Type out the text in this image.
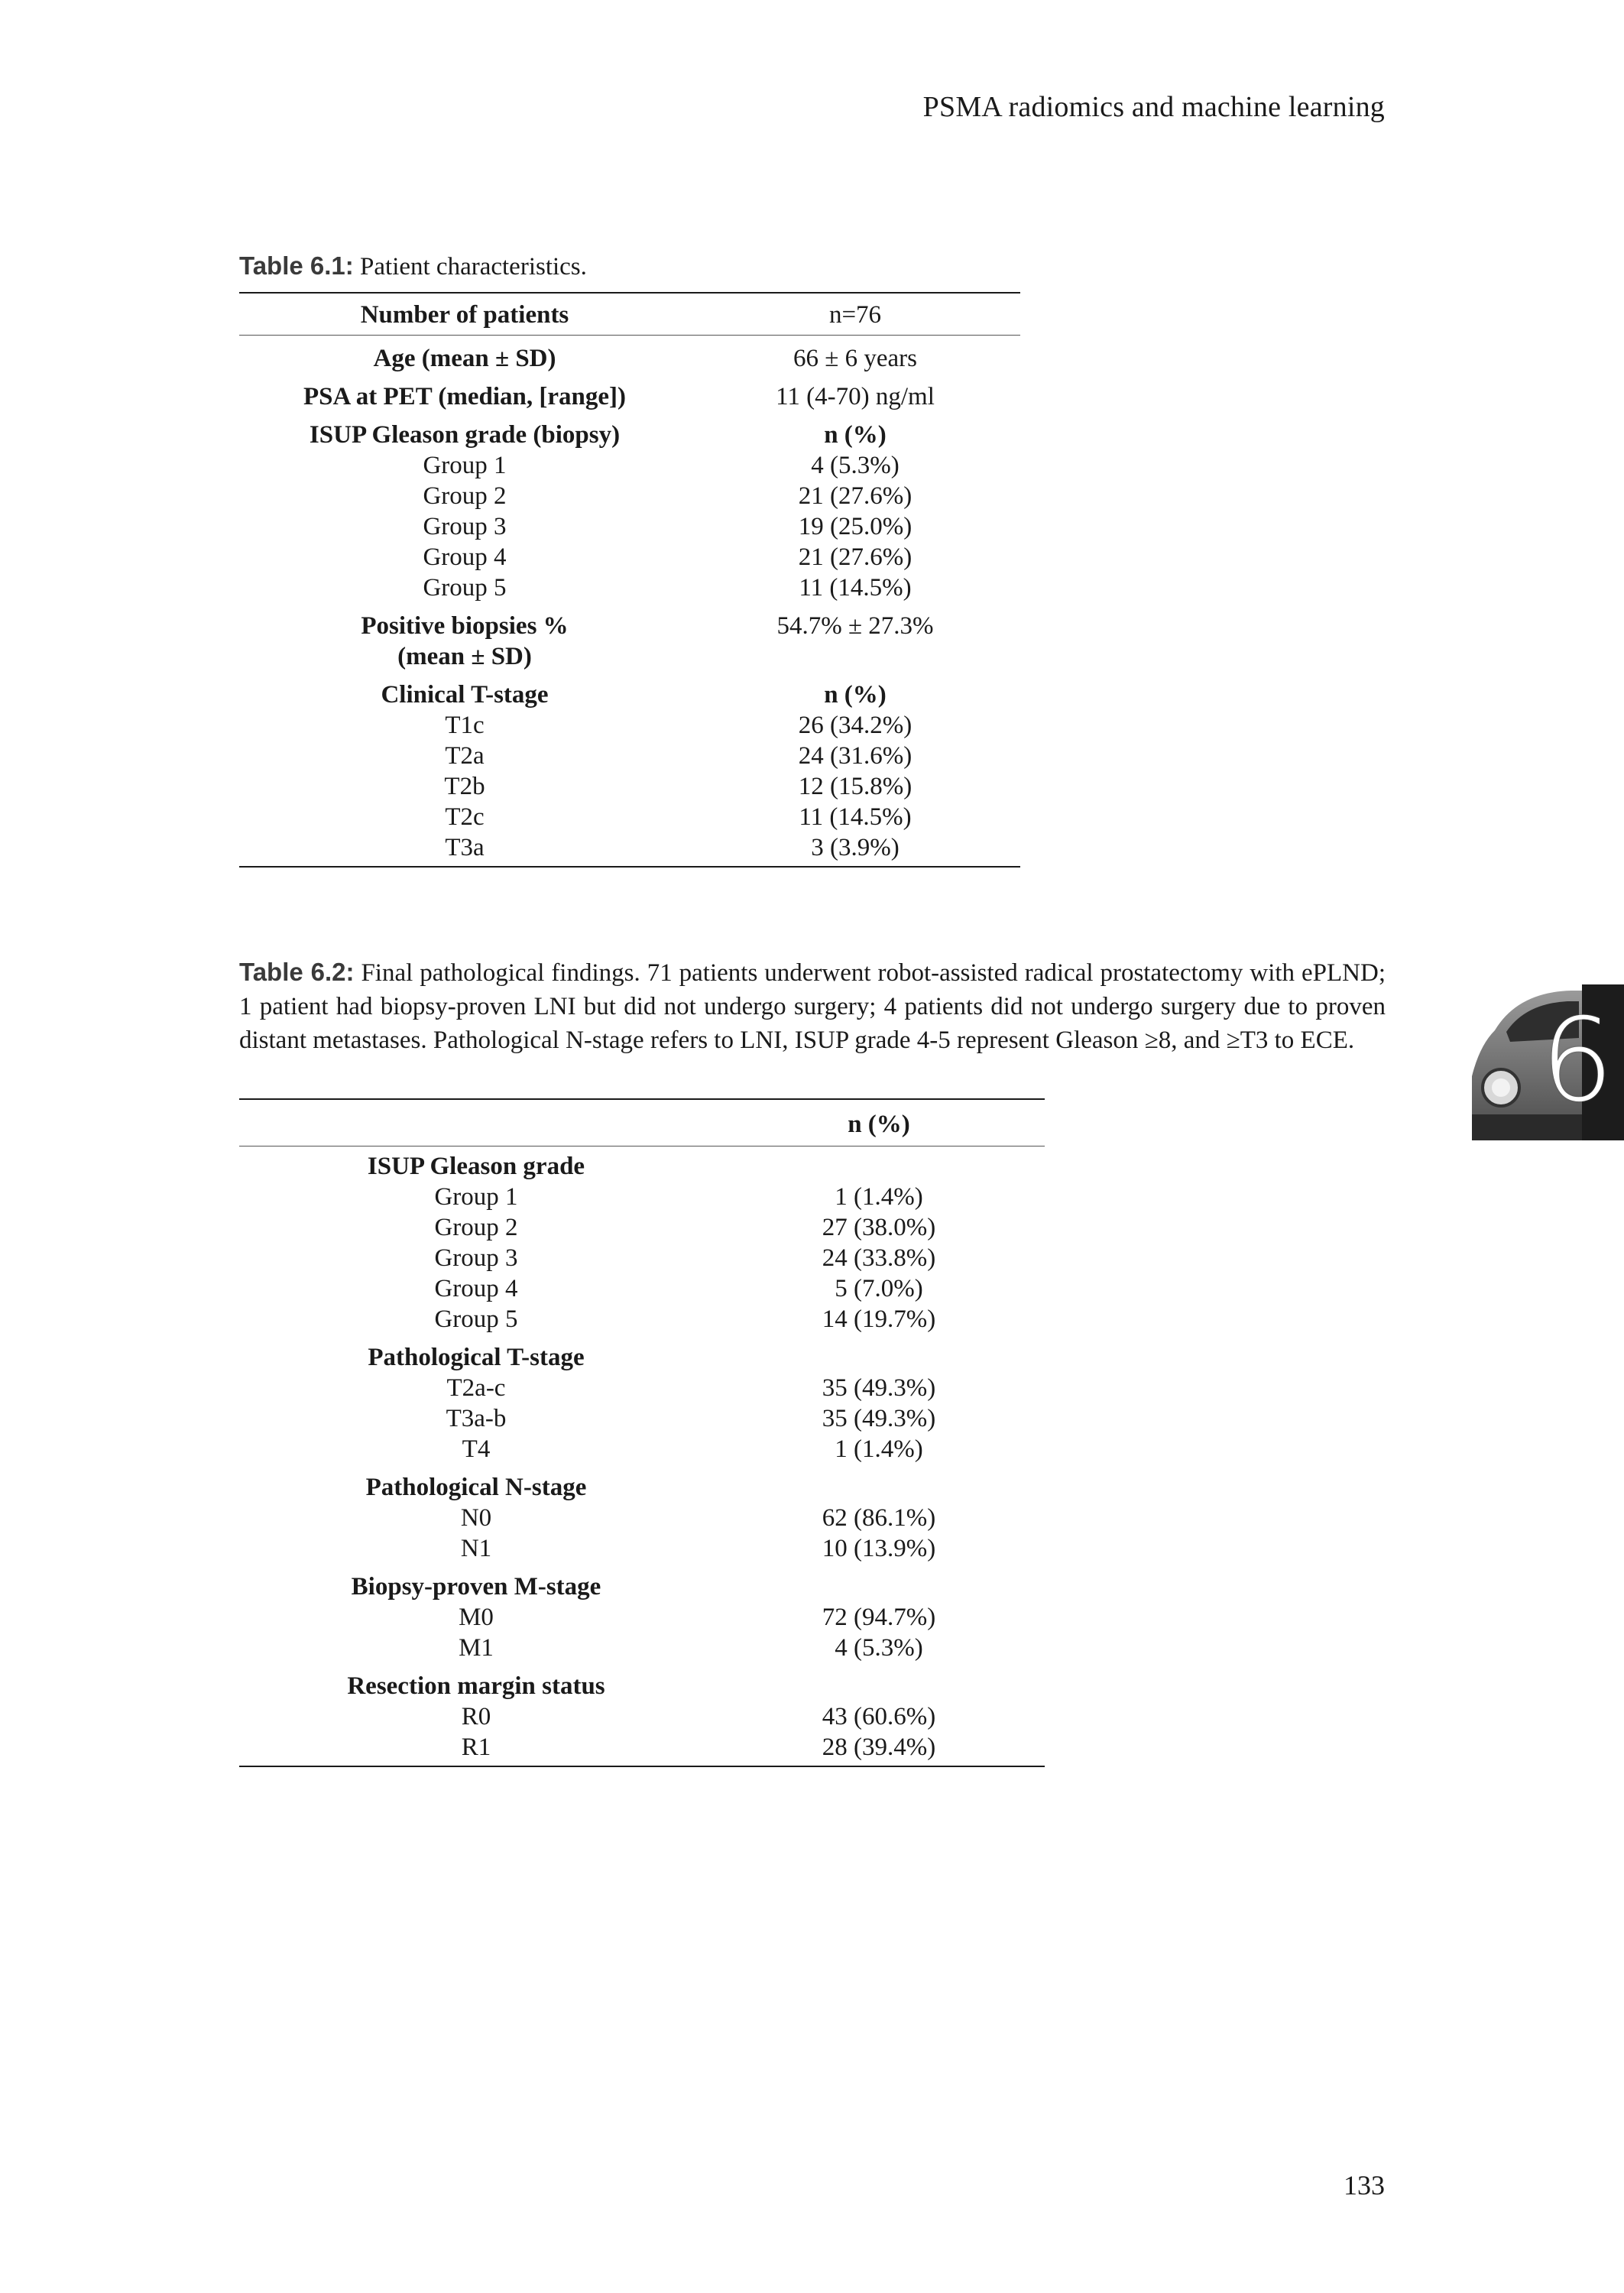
PSMA radiomics and machine learning
Table 6.1: Patient characteristics.
Number of patients	n=76
Age (mean ± SD)	66 ± 6 years
PSA at PET (median, [range])	11 (4-70) ng/ml
ISUP Gleason grade (biopsy)	n (%)
Group 1	4 (5.3%)
Group 2	21 (27.6%)
Group 3	19 (25.0%)
Group 4	21 (27.6%)
Group 5	11 (14.5%)

Positive biopsies %
(mean ± SD)	54.7% ± 27.3%
Clinical T-stage	n (%)
T1c	26 (34.2%)
T2a	24 (31.6%)
T2b	12 (15.8%)
T2c	11 (14.5%)
T3a	3 (3.9%)
Table 6.2: Final pathological findings. 71 patients underwent robot-assisted radical prostatectomy with ePLND; 1 patient had biopsy-proven LNI but did not undergo surgery; 4 patients did not undergo surgery due to proven distant metastases. Pathological N-stage refers to LNI, ISUP grade 4-5 represent Gleason ≥8, and ≥T3 to ECE.
	n (%)
ISUP Gleason grade	
Group 1	1 (1.4%)
Group 2	27 (38.0%)
Group 3	24 (33.8%)
Group 4	5 (7.0%)
Group 5	14 (19.7%)
Pathological T-stage	
T2a-c	35 (49.3%)
T3a-b	35 (49.3%)
T4	1 (1.4%)
Pathological N-stage	
N0	62 (86.1%)
N1	10 (13.9%)
Biopsy-proven M-stage	
M0	72 (94.7%)
M1	4 (5.3%)
Resection margin status	
R0	43 (60.6%)
R1	28 (39.4%)
6
133
